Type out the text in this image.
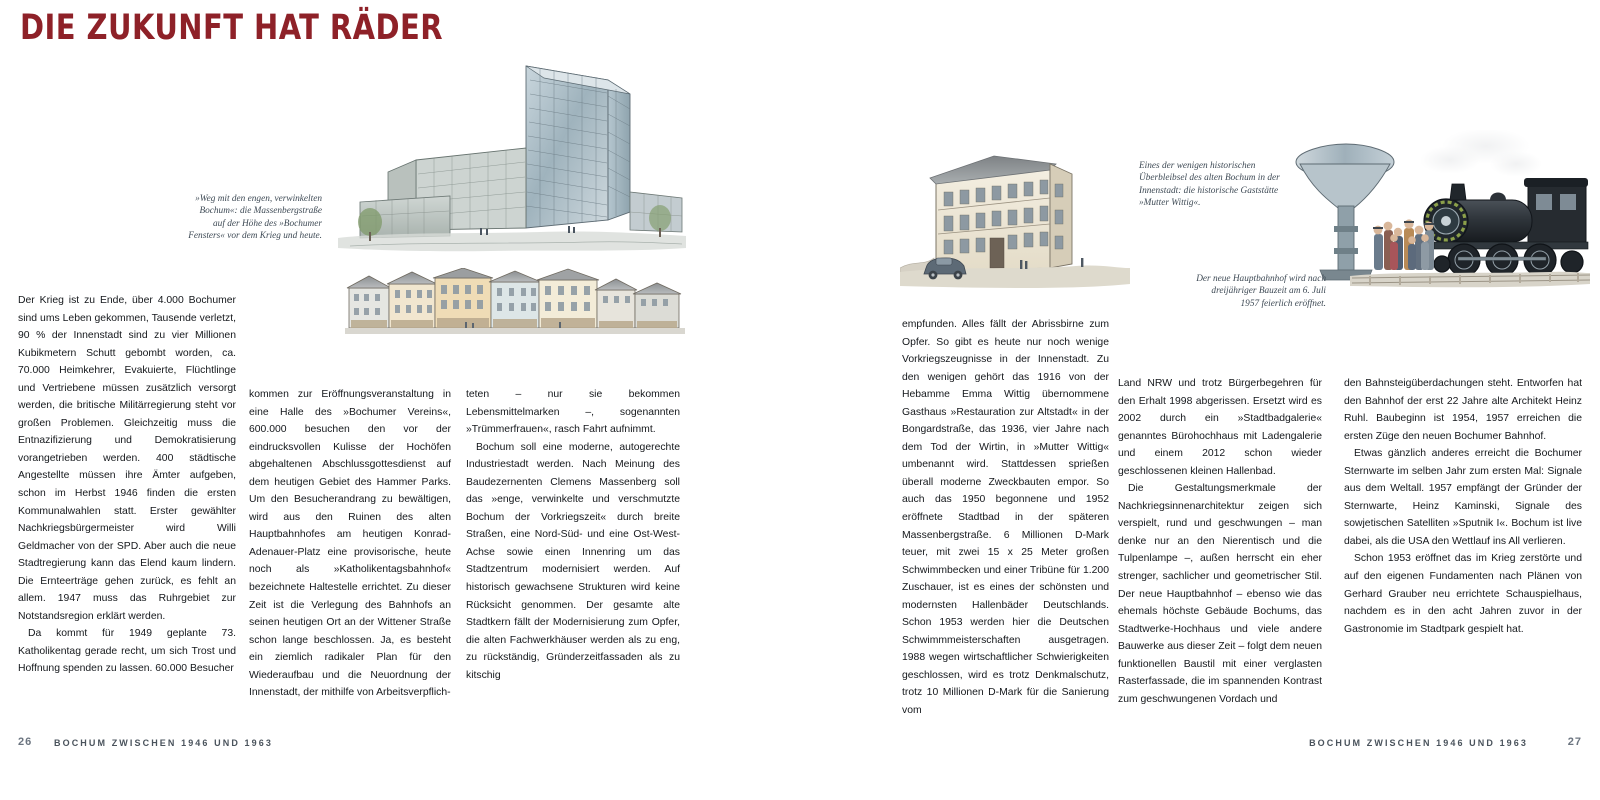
DIE ZUKUNFT HAT RÄDER
»Weg mit den engen, verwinkelten Bochum«: die Massenbergstraße auf der Höhe des »Bochumer Fensters« vor dem Krieg und heute.
Eines der wenigen historischen Überbleibsel des alten Bochum in der Innenstadt: die historische Gaststätte »Mutter Wittig«.
Der neue Hauptbahnhof wird nach dreijähriger Bauzeit am 6. Juli 1957 feierlich eröffnet.

Der Krieg ist zu Ende, über 4.000 Bochumer sind ums Leben gekommen, Tausende verletzt, 90 % der Innenstadt sind zu vier Millionen Kubikmetern Schutt gebombt worden, ca. 70.000 Heimkehrer, Evakuierte, Flüchtlinge und Vertriebene müssen zusätzlich versorgt werden, die britische Militärregierung steht vor großen Problemen. Gleichzeitig muss die Entnazifizierung und Demokratisierung vorangetrieben werden. 400 städtische Angestellte müssen ihre Ämter aufgeben, schon im Herbst 1946 finden die ersten Kommunalwahlen statt. Erster gewählter Nachkriegsbürgermeister wird Willi Geldmacher von der SPD. Aber auch die neue Stadtregierung kann das Elend kaum lindern. Die Ernteerträge gehen zurück, es fehlt an allem. 1947 muss das Ruhrgebiet zur Notstandsregion erklärt werden.

Da kommt für 1949 geplante 73. Katholikentag gerade recht, um sich Trost und Hoffnung spenden zu lassen. 60.000 Besucher

kommen zur Eröffnungsveranstaltung in eine Halle des »Bochumer Vereins«, 600.000 besuchen den vor der eindrucksvollen Kulisse der Hochöfen abgehaltenen Abschlussgottesdienst auf dem heutigen Gebiet des Hammer Parks. Um den Besucherandrang zu bewältigen, wird aus den Ruinen des alten Hauptbahnhofes am heutigen Konrad-Adenauer-Platz eine provisorische, heute noch als »Katholikentagsbahnhof« bezeichnete Haltestelle errichtet. Zu dieser Zeit ist die Verlegung des Bahnhofs an seinen heutigen Ort an der Wittener Straße schon lange beschlossen. Ja, es besteht ein ziemlich radikaler Plan für den Wiederaufbau und die Neuordnung der Innenstadt, der mithilfe von Arbeitsverpflich-

teten – nur sie bekommen Lebensmittelmarken –, sogenannten »Trümmerfrauen«, rasch Fahrt aufnimmt.

Bochum soll eine moderne, autogerechte Industriestadt werden. Nach Meinung des Baudezernenten Clemens Massenberg soll das »enge, verwinkelte und verschmutzte Bochum der Vorkriegszeit« durch breite Straßen, eine Nord-Süd- und eine Ost-West-Achse sowie einen Innenring um das Stadtzentrum modernisiert werden. Auf historisch gewachsene Strukturen wird keine Rücksicht genommen. Der gesamte alte Stadtkern fällt der Modernisierung zum Opfer, die alten Fachwerkhäuser werden als zu eng, zu rückständig, Gründerzeitfassaden als zu kitschig

empfunden. Alles fällt der Abrissbirne zum Opfer. So gibt es heute nur noch wenige Vorkriegszeugnisse in der Innenstadt. Zu den wenigen gehört das 1916 von der Hebamme Emma Wittig übernommene Gasthaus »Restauration zur Altstadt« in der Bongardstraße, das 1936, vier Jahre nach dem Tod der Wirtin, in »Mutter Wittig« umbenannt wird. Stattdessen sprießen überall moderne Zweckbauten empor. So auch das 1950 begonnene und 1952 eröffnete Stadtbad in der späteren Massenbergstraße. 6 Millionen D-Mark teuer, mit zwei 15 x 25 Meter großen Schwimmbecken und einer Tribüne für 1.200 Zuschauer, ist es eines der schönsten und modernsten Hallenbäder Deutschlands. Schon 1953 werden hier die Deutschen Schwimmmeisterschaften ausgetragen. 1988 wegen wirtschaftlicher Schwierigkeiten geschlossen, wird es trotz Denkmalschutz, trotz 10 Millionen D-Mark für die Sanierung vom

Land NRW und trotz Bürgerbegehren für den Erhalt 1998 abgerissen. Ersetzt wird es 2002 durch ein »Stadtbadgalerie« genanntes Bürohochhaus mit Ladengalerie und einem 2012 schon wieder geschlossenen kleinen Hallenbad.

Die Gestaltungsmerkmale der Nachkriegsinnenarchitektur zeigen sich verspielt, rund und geschwungen – man denke nur an den Nierentisch und die Tulpenlampe –, außen herrscht ein eher strenger, sachlicher und geometrischer Stil. Der neue Hauptbahnhof – ebenso wie das ehemals höchste Gebäude Bochums, das Stadtwerke-Hochhaus und viele andere Bauwerke aus dieser Zeit – folgt dem neuen funktionellen Baustil mit einer verglasten Rasterfassade, die im spannenden Kontrast zum geschwungenen Vordach und

den Bahnsteigüberdachungen steht. Entworfen hat den Bahnhof der erst 22 Jahre alte Architekt Heinz Ruhl. Baubeginn ist 1954, 1957 erreichen die ersten Züge den neuen Bochumer Bahnhof.

Etwas gänzlich anderes erreicht die Bochumer Sternwarte im selben Jahr zum ersten Mal: Signale aus dem Weltall. 1957 empfängt der Gründer der Sternwarte, Heinz Kaminski, Signale des sowjetischen Satelliten »Sputnik I«. Bochum ist live dabei, als die USA den Wettlauf ins All verlieren.

Schon 1953 eröffnet das im Krieg zerstörte und auf den eigenen Fundamenten nach Plänen von Gerhard Grauber neu errichtete Schauspielhaus, nachdem es in den acht Jahren zuvor in der Gastronomie im Stadtpark gespielt hat.

26 BOCHUM ZWISCHEN 1946 UND 1963	BOCHUM ZWISCHEN 1946 UND 1963	27
